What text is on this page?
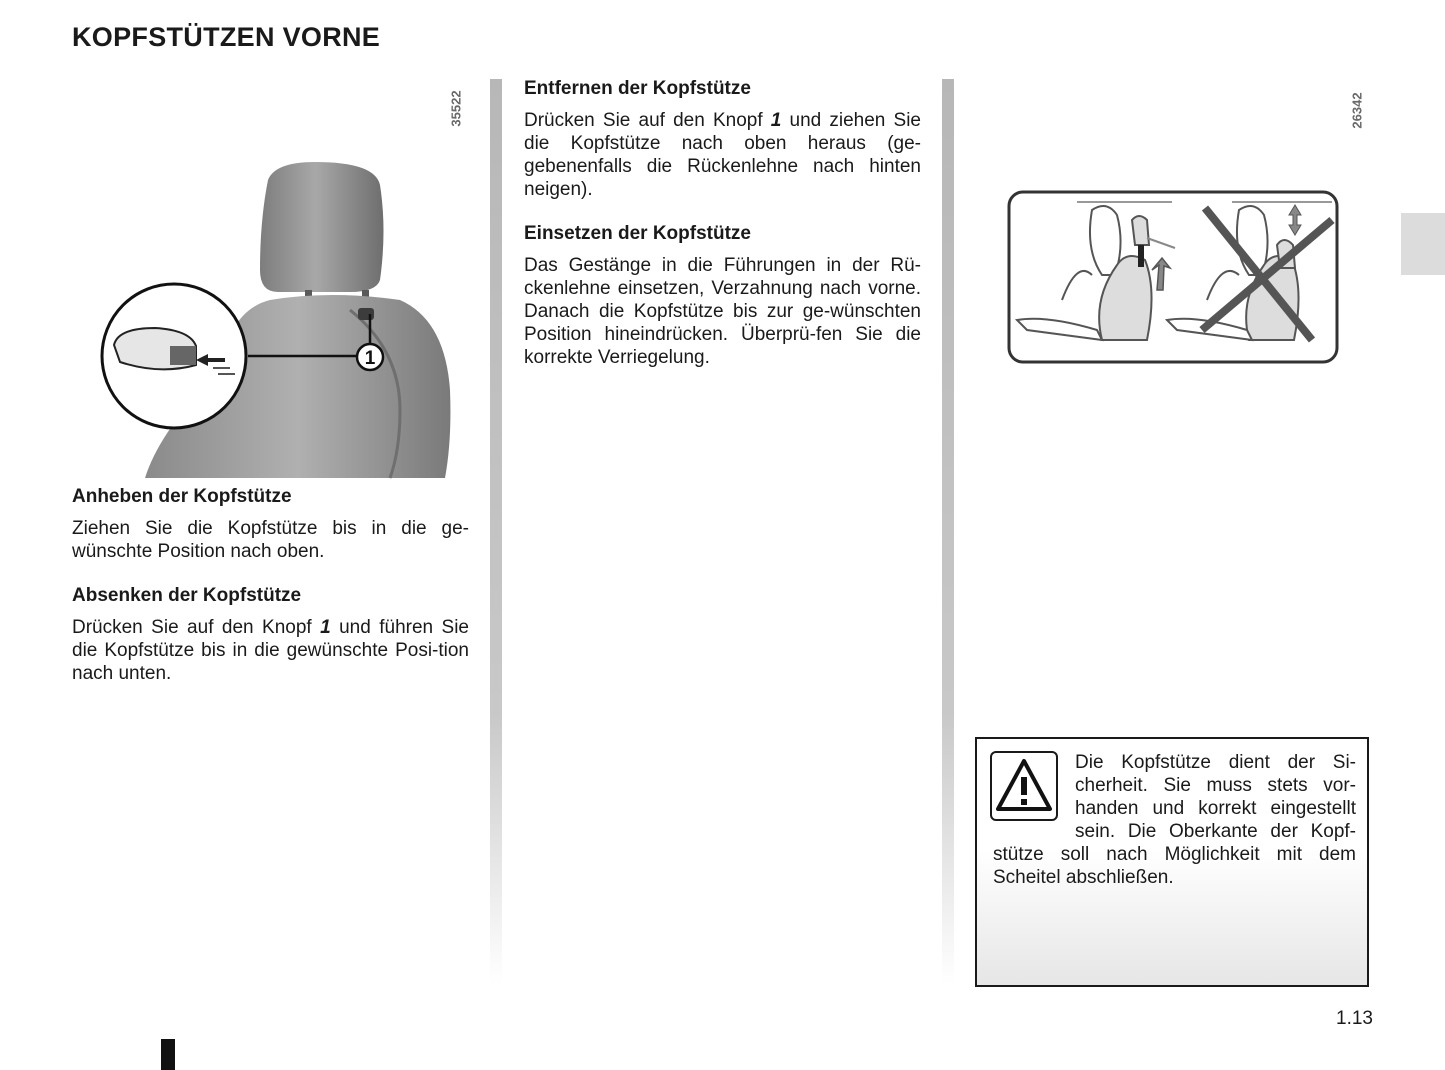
KOPFSTÜTZEN VORNE
35522
1
Anheben der Kopfstütze

Ziehen Sie die Kopfstütze bis in die ge-wünschte Position nach oben.

Absenken der Kopfstütze

Drücken Sie auf den Knopf 1 und führen Sie die Kopfstütze bis in die gewünschte Posi-tion nach unten.

Entfernen der Kopfstütze

Drücken Sie auf den Knopf 1 und ziehen Sie die Kopfstütze nach oben heraus (ge-gebenenfalls die Rückenlehne nach hinten neigen).

Einsetzen der Kopfstütze

Das Gestänge in die Führungen in der Rü-ckenlehne einsetzen, Verzahnung nach vorne. Danach die Kopfstütze bis zur ge-wünschten Position hineindrücken. Überprü-fen Sie die korrekte Verriegelung.

26342
Die Kopfstütze dient der Si-
cherheit. Sie muss stets vor-
handen und korrekt eingestellt
sein. Die Oberkante der Kopf-
stütze soll nach Möglichkeit mit dem
Scheitel abschließen.
1.13
